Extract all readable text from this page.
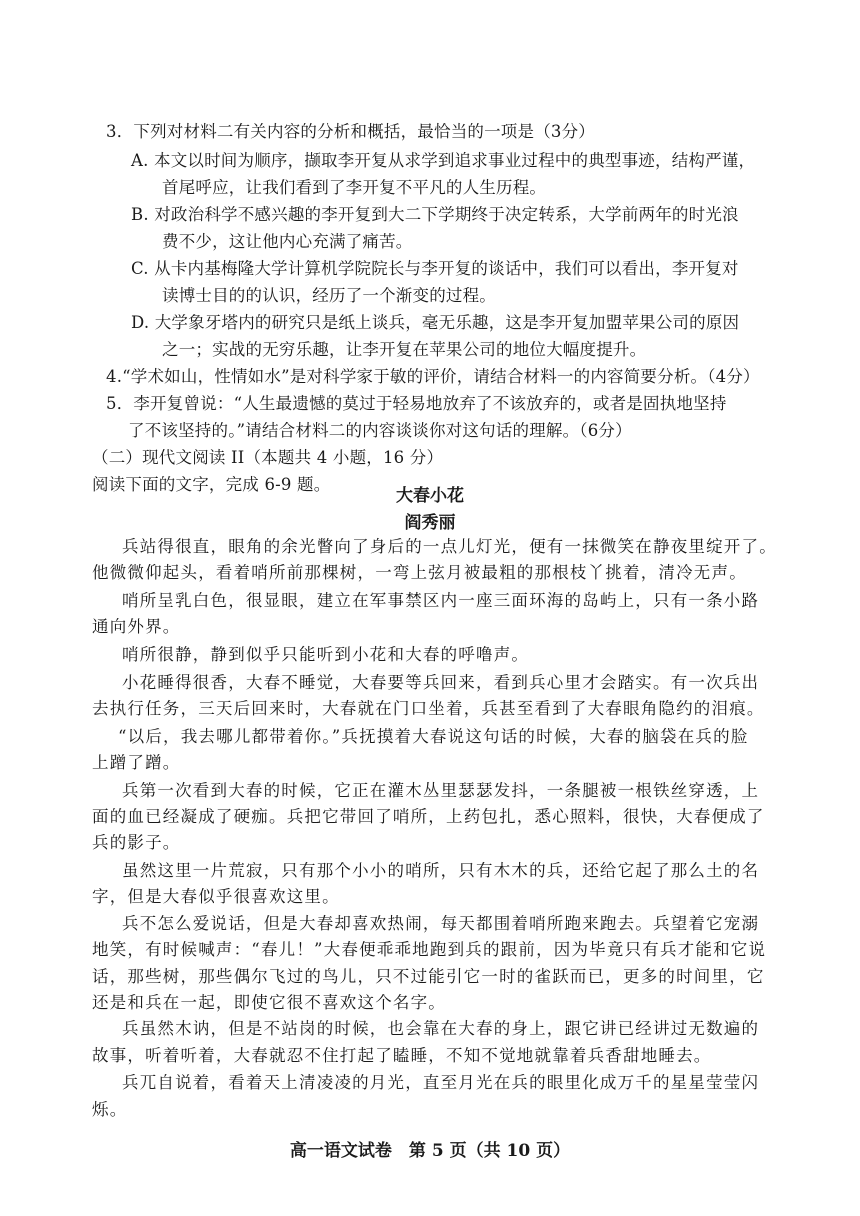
3．下列对材料二有关内容的分析和概括，最恰当的一项是（3分）
A. 本文以时间为顺序，撷取李开复从求学到追求事业过程中的典型事迹，结构严谨，
首尾呼应，让我们看到了李开复不平凡的人生历程。
B. 对政治科学不感兴趣的李开复到大二下学期终于决定转系，大学前两年的时光浪
费不少，这让他内心充满了痛苦。
C. 从卡内基梅隆大学计算机学院院长与李开复的谈话中，我们可以看出，李开复对
读博士目的的认识，经历了一个渐变的过程。
D. 大学象牙塔内的研究只是纸上谈兵，毫无乐趣，这是李开复加盟苹果公司的原因
之一；实战的无穷乐趣，让李开复在苹果公司的地位大幅度提升。
4.“学术如山，性情如水”是对科学家于敏的评价，请结合材料一的内容简要分析。（4分）
5．李开复曾说：“人生最遗憾的莫过于轻易地放弃了不该放弃的，或者是固执地坚持
了不该坚持的。”请结合材料二的内容谈谈你对这句话的理解。（6分）
（二）现代文阅读 II（本题共 4 小题，16 分）
阅读下面的文字，完成 6-9 题。
大春小花
阎秀丽
兵站得很直，眼角的余光瞥向了身后的一点儿灯光，便有一抹微笑在静夜里绽开了。
他微微仰起头，看着哨所前那棵树，一弯上弦月被最粗的那根枝丫挑着，清冷无声。
哨所呈乳白色，很显眼，建立在军事禁区内一座三面环海的岛屿上，只有一条小路
通向外界。
哨所很静，静到似乎只能听到小花和大春的呼噜声。
小花睡得很香，大春不睡觉，大春要等兵回来，看到兵心里才会踏实。有一次兵出
去执行任务，三天后回来时，大春就在门口坐着，兵甚至看到了大春眼角隐约的泪痕。
“以后，我去哪儿都带着你。”兵抚摸着大春说这句话的时候，大春的脑袋在兵的脸
上蹭了蹭。
兵第一次看到大春的时候，它正在灌木丛里瑟瑟发抖，一条腿被一根铁丝穿透，上
面的血已经凝成了硬痂。兵把它带回了哨所，上药包扎，悉心照料，很快，大春便成了
兵的影子。
虽然这里一片荒寂，只有那个小小的哨所，只有木木的兵，还给它起了那么土的名
字，但是大春似乎很喜欢这里。
兵不怎么爱说话，但是大春却喜欢热闹，每天都围着哨所跑来跑去。兵望着它宠溺
地笑，有时候喊声：“春儿！”大春便乖乖地跑到兵的跟前，因为毕竟只有兵才能和它说
话，那些树，那些偶尔飞过的鸟儿，只不过能引它一时的雀跃而已，更多的时间里，它
还是和兵在一起，即使它很不喜欢这个名字。
兵虽然木讷，但是不站岗的时候，也会靠在大春的身上，跟它讲已经讲过无数遍的
故事，听着听着，大春就忍不住打起了瞌睡，不知不觉地就靠着兵香甜地睡去。
高一语文试卷　第 5 页（共 10 页）
兵兀自说着，看着天上清凌凌的月光，直至月光在兵的眼里化成万千的星星莹莹闪
烁。
